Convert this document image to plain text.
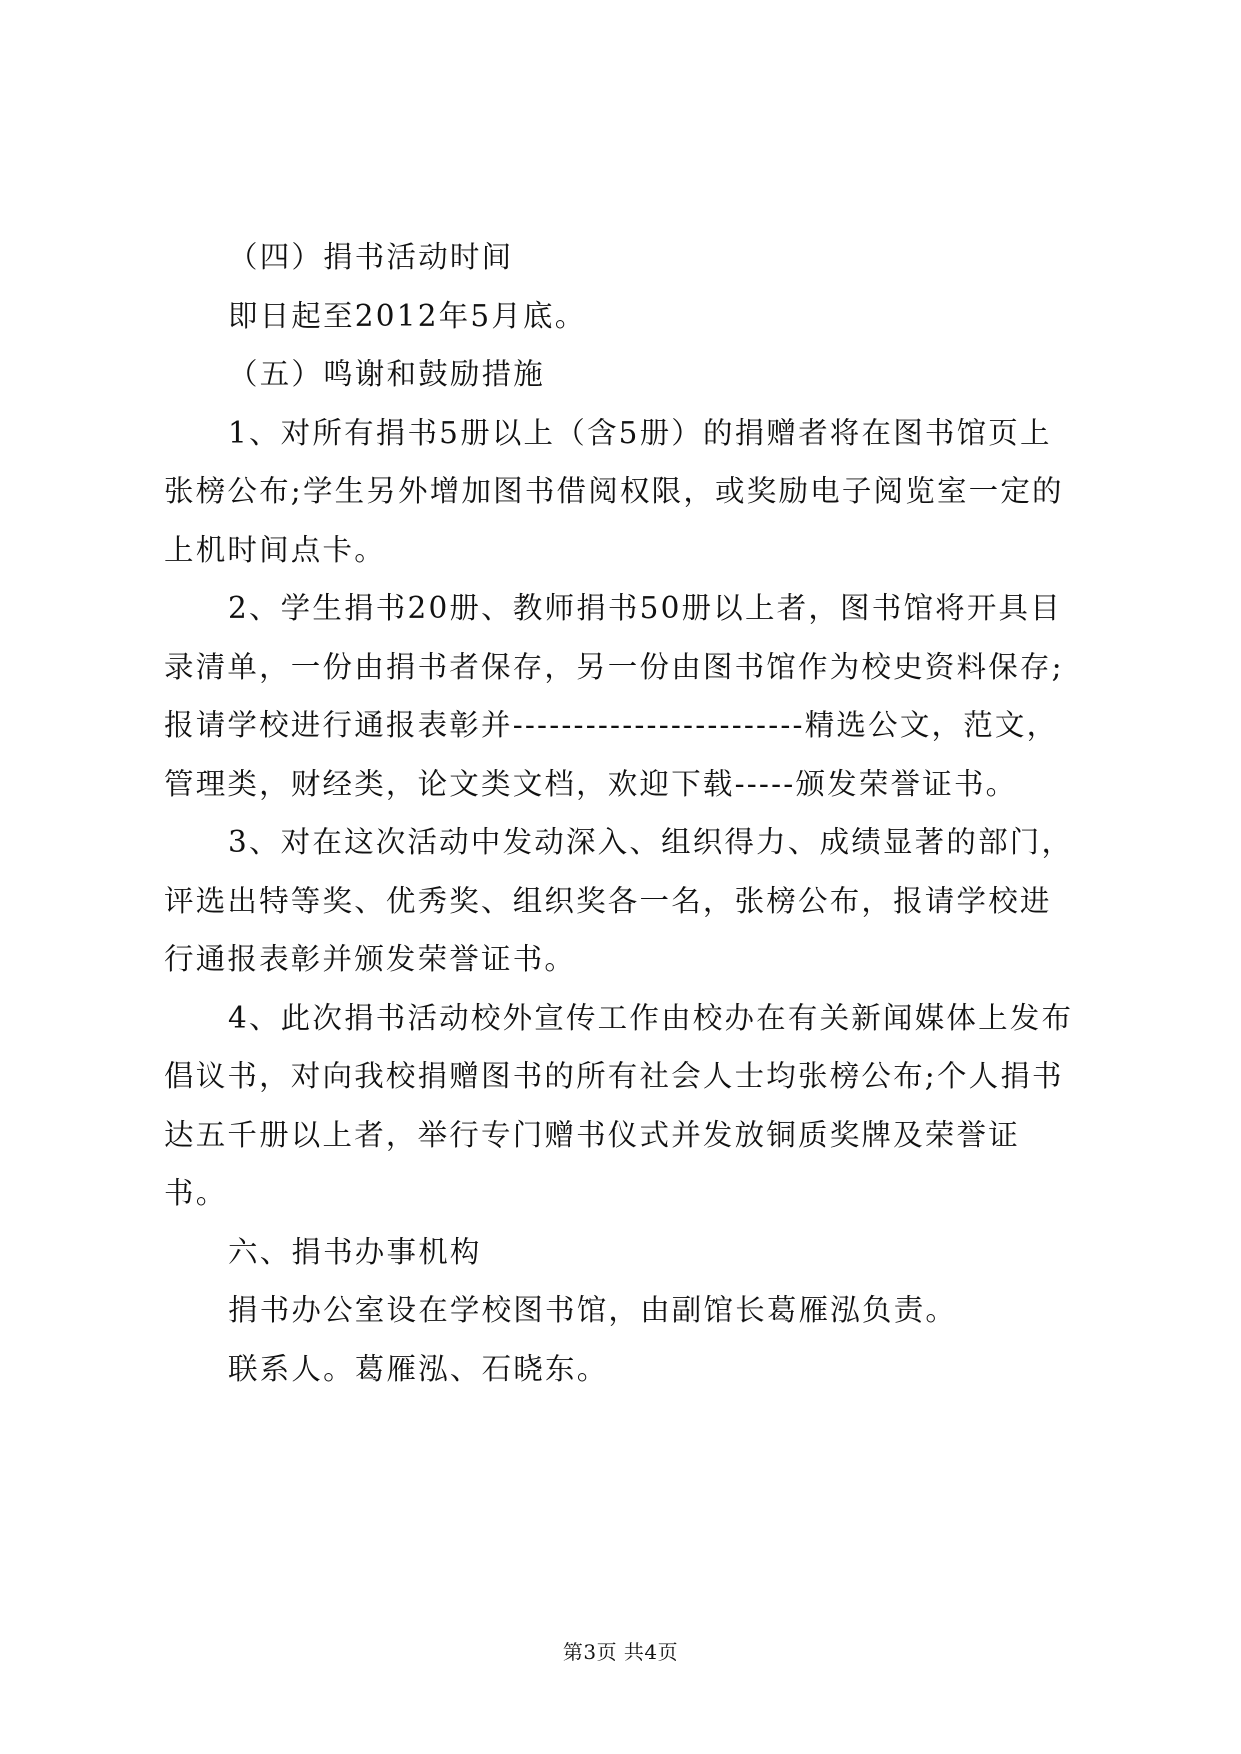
（四）捐书活动时间

即日起至2012年5月底。

（五）鸣谢和鼓励措施

1、对所有捐书5册以上（含5册）的捐赠者将在图书馆页上张榜公布;学生另外增加图书借阅权限，或奖励电子阅览室一定的上机时间点卡。

2、学生捐书20册、教师捐书50册以上者，图书馆将开具目录清单，一份由捐书者保存，另一份由图书馆作为校史资料保存;报请学校进行通报表彰并------------------------精选公文，范文，管理类，财经类，论文类文档，欢迎下载-----颁发荣誉证书。

3、对在这次活动中发动深入、组织得力、成绩显著的部门，评选出特等奖、优秀奖、组织奖各一名，张榜公布，报请学校进行通报表彰并颁发荣誉证书。

4、此次捐书活动校外宣传工作由校办在有关新闻媒体上发布倡议书，对向我校捐赠图书的所有社会人士均张榜公布;个人捐书达五千册以上者，举行专门赠书仪式并发放铜质奖牌及荣誉证书。

六、捐书办事机构

捐书办公室设在学校图书馆，由副馆长葛雁泓负责。

联系人。葛雁泓、石晓东。

第3页 共4页
